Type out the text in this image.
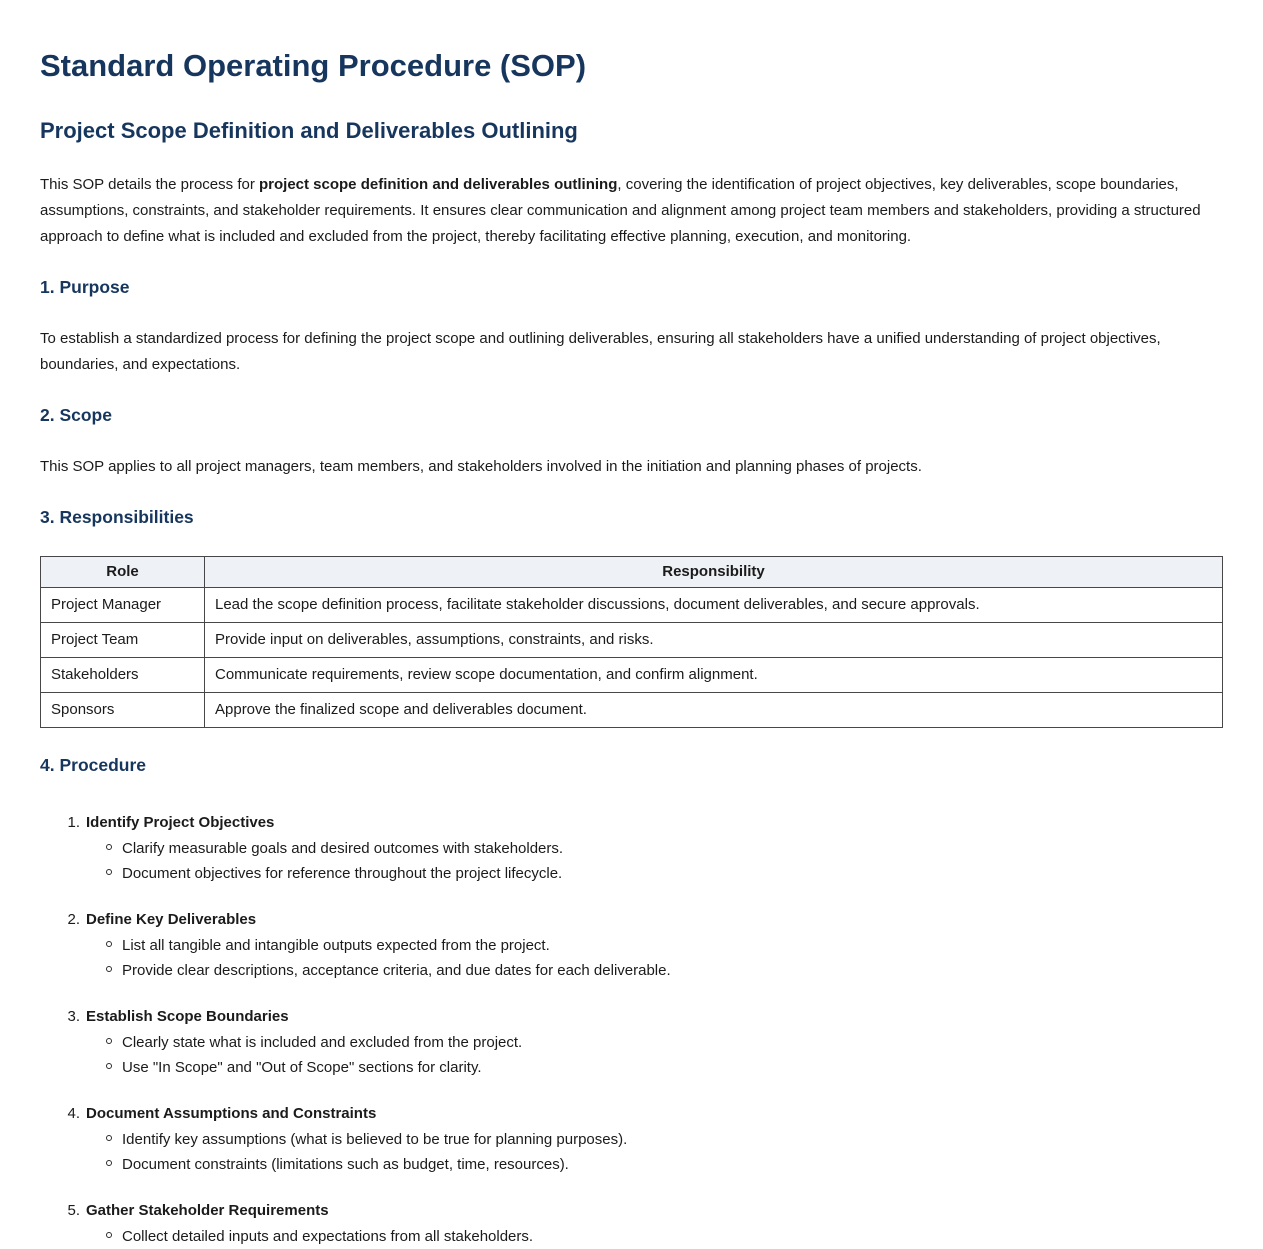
Standard Operating Procedure (SOP)
Project Scope Definition and Deliverables Outlining

This SOP details the process for project scope definition and deliverables outlining, covering the identification of project objectives, key deliverables, scope boundaries, assumptions, constraints, and stakeholder requirements. It ensures clear communication and alignment among project team members and stakeholders, providing a structured approach to define what is included and excluded from the project, thereby facilitating effective planning, execution, and monitoring.

1. Purpose

To establish a standardized process for defining the project scope and outlining deliverables, ensuring all stakeholders have a unified understanding of project objectives, boundaries, and expectations.

2. Scope

This SOP applies to all project managers, team members, and stakeholders involved in the initiation and planning phases of projects.

3. Responsibilities
Role	Responsibility
Project Manager	Lead the scope definition process, facilitate stakeholder discussions, document deliverables, and secure approvals.
Project Team	Provide input on deliverables, assumptions, constraints, and risks.
Stakeholders	Communicate requirements, review scope documentation, and confirm alignment.
Sponsors	Approve the finalized scope and deliverables document.
4. Procedure
1. Identify Project Objectives
Clarify measurable goals and desired outcomes with stakeholders.
Document objectives for reference throughout the project lifecycle.
2. Define Key Deliverables
List all tangible and intangible outputs expected from the project.
Provide clear descriptions, acceptance criteria, and due dates for each deliverable.
3. Establish Scope Boundaries
Clearly state what is included and excluded from the project.
Use "In Scope" and "Out of Scope" sections for clarity.
4. Document Assumptions and Constraints
Identify key assumptions (what is believed to be true for planning purposes).
Document constraints (limitations such as budget, time, resources).
5. Gather Stakeholder Requirements
Collect detailed inputs and expectations from all stakeholders.
